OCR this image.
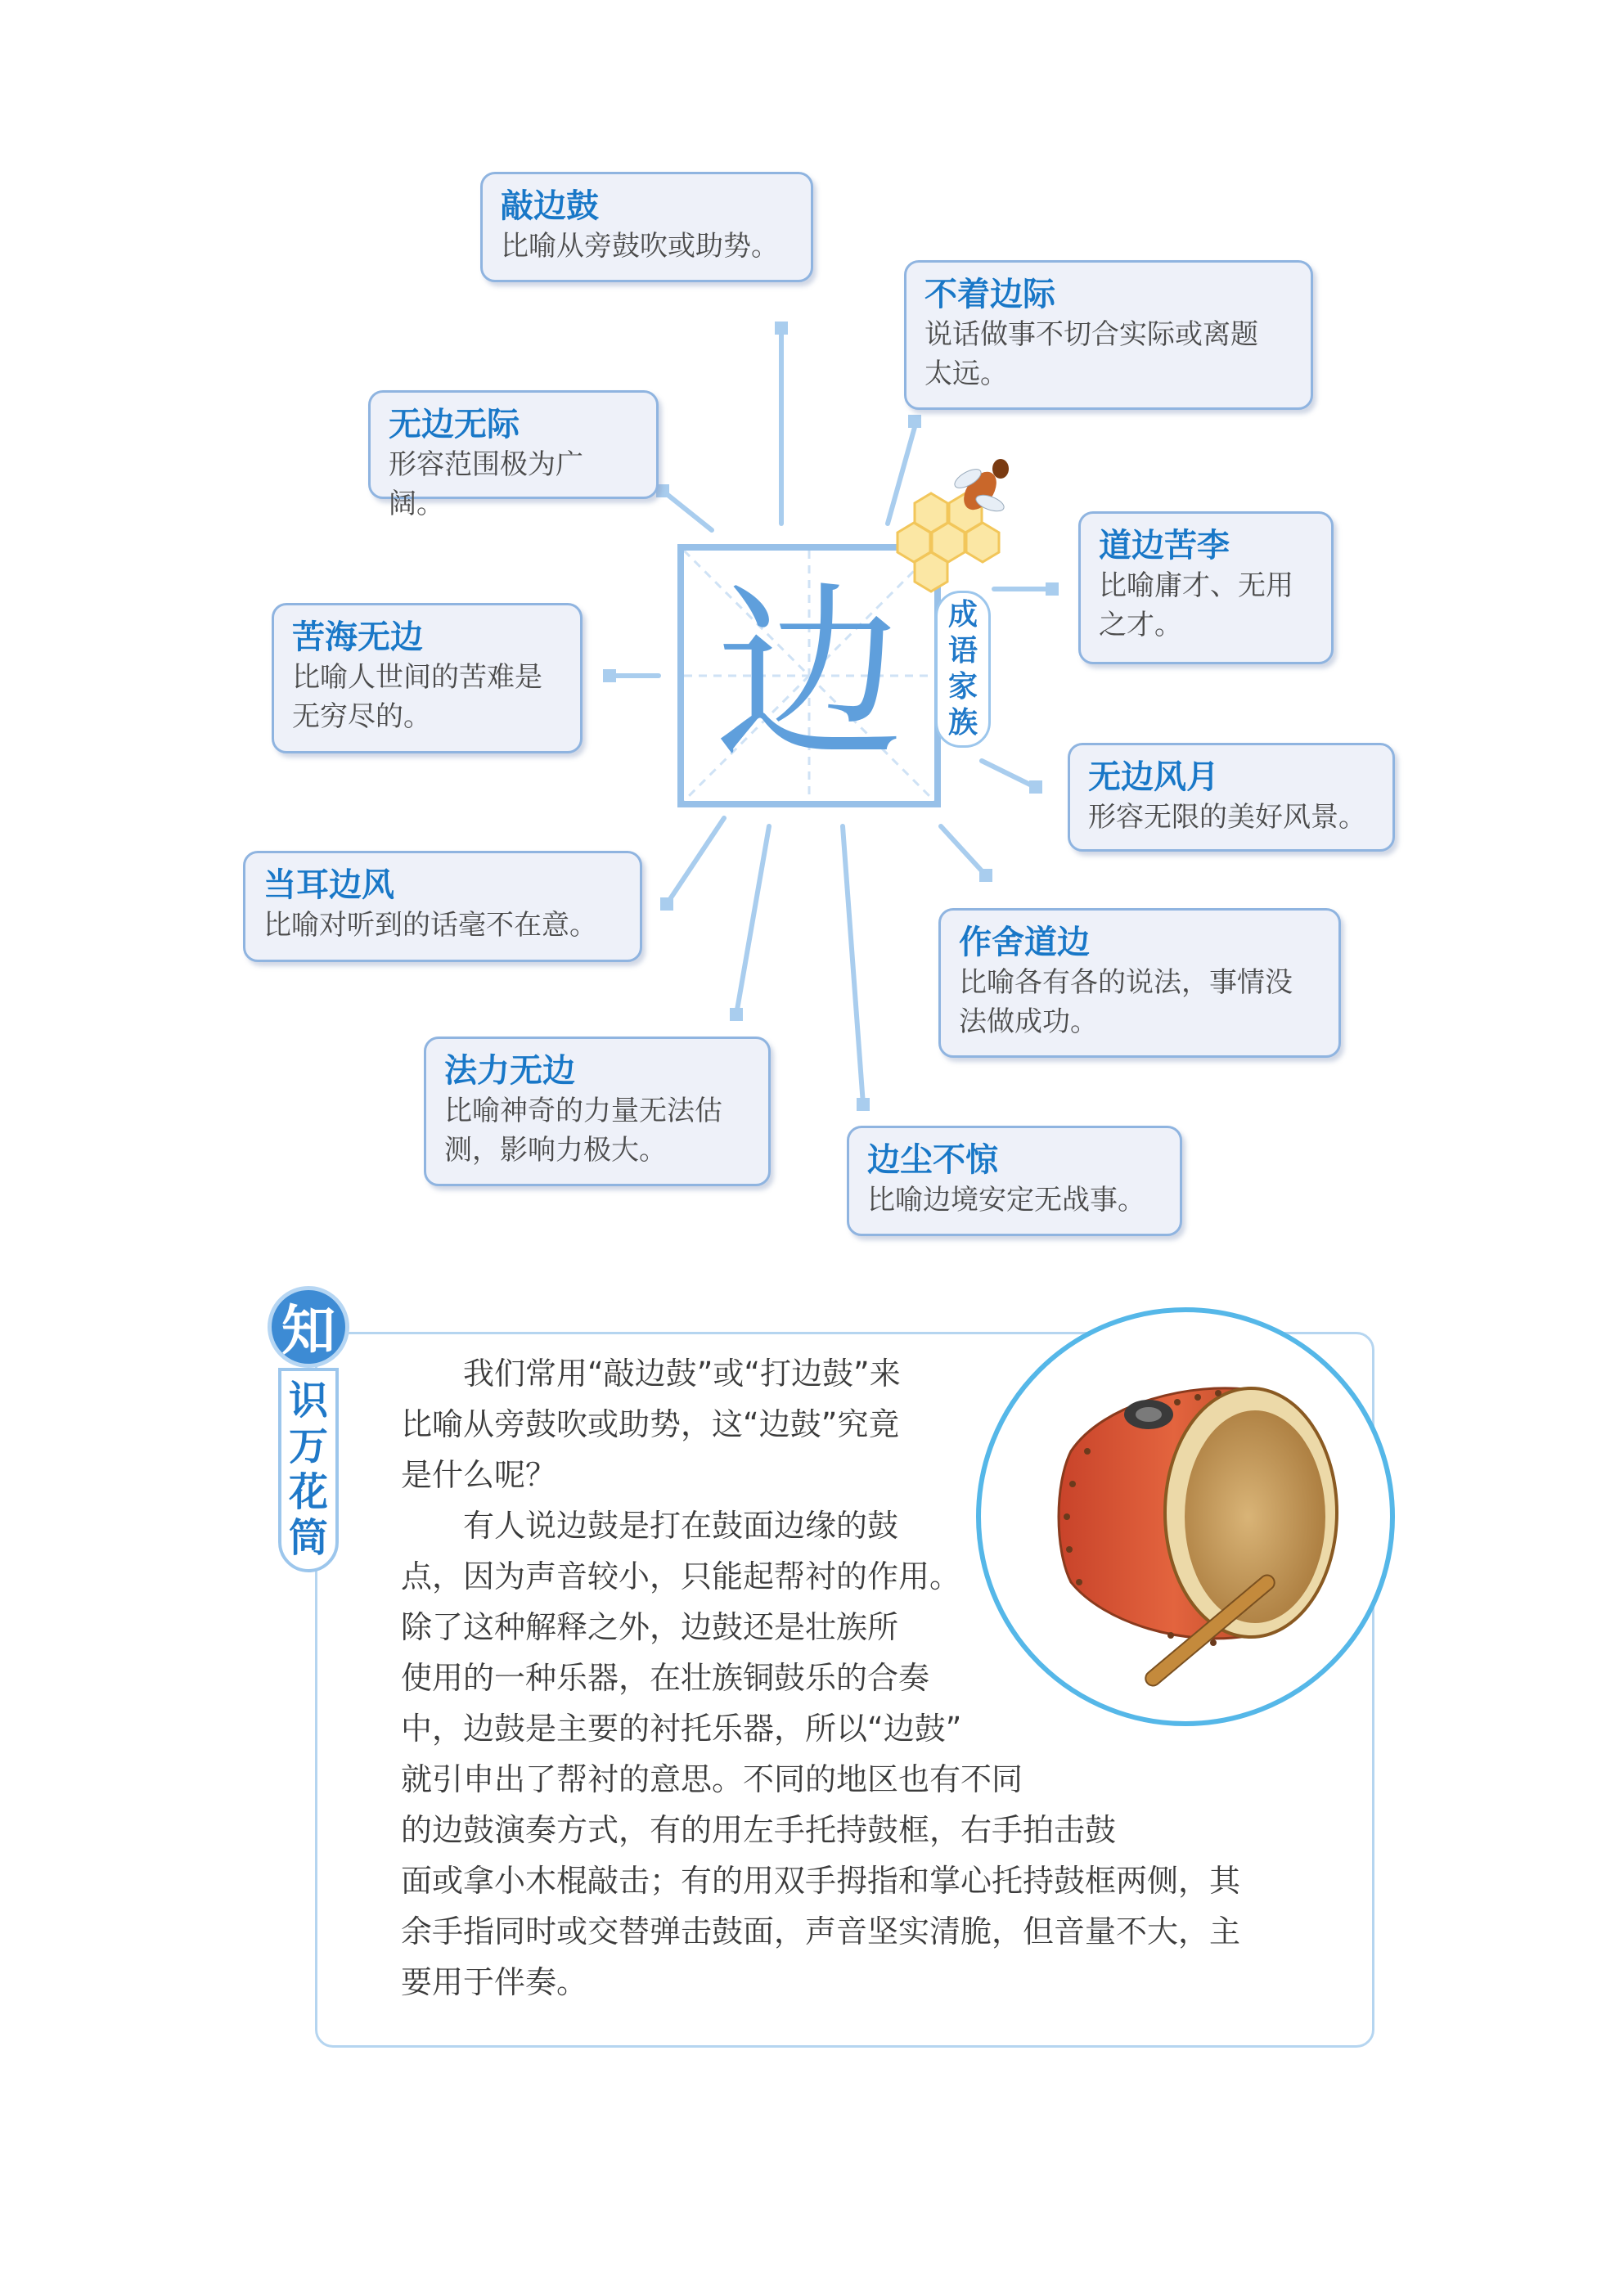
边	成
语
家
族
敲边鼓
比喻从旁鼓吹或助势。
不着边际
说话做事不切合实际或离题
太远。
无边无际
形容范围极为广阔。
道边苦李
比喻庸才、无用
之才。
苦海无边
比喻人世间的苦难是
无穷尽的。
无边风月
形容无限的美好风景。
当耳边风
比喻对听到的话毫不在意。	作舍道边
比喻各有各的说法，事情没
法做成功。
法力无边
比喻神奇的力量无法估
测，影响力极大。	边尘不惊
比喻边境安定无战事。
识
万
花
筒
知
　　我们常用“敲边鼓”或“打边鼓”来
比喻从旁鼓吹或助势，这“边鼓”究竟
是什么呢？
　　有人说边鼓是打在鼓面边缘的鼓
点，因为声音较小，只能起帮衬的作用。
除了这种解释之外，边鼓还是壮族所
使用的一种乐器，在壮族铜鼓乐的合奏
中，边鼓是主要的衬托乐器，所以“边鼓”
就引申出了帮衬的意思。不同的地区也有不同
的边鼓演奏方式，有的用左手托持鼓框，右手拍击鼓
面或拿小木棍敲击；有的用双手拇指和掌心托持鼓框两侧，其
余手指同时或交替弹击鼓面，声音坚实清脆，但音量不大，主
要用于伴奏。
